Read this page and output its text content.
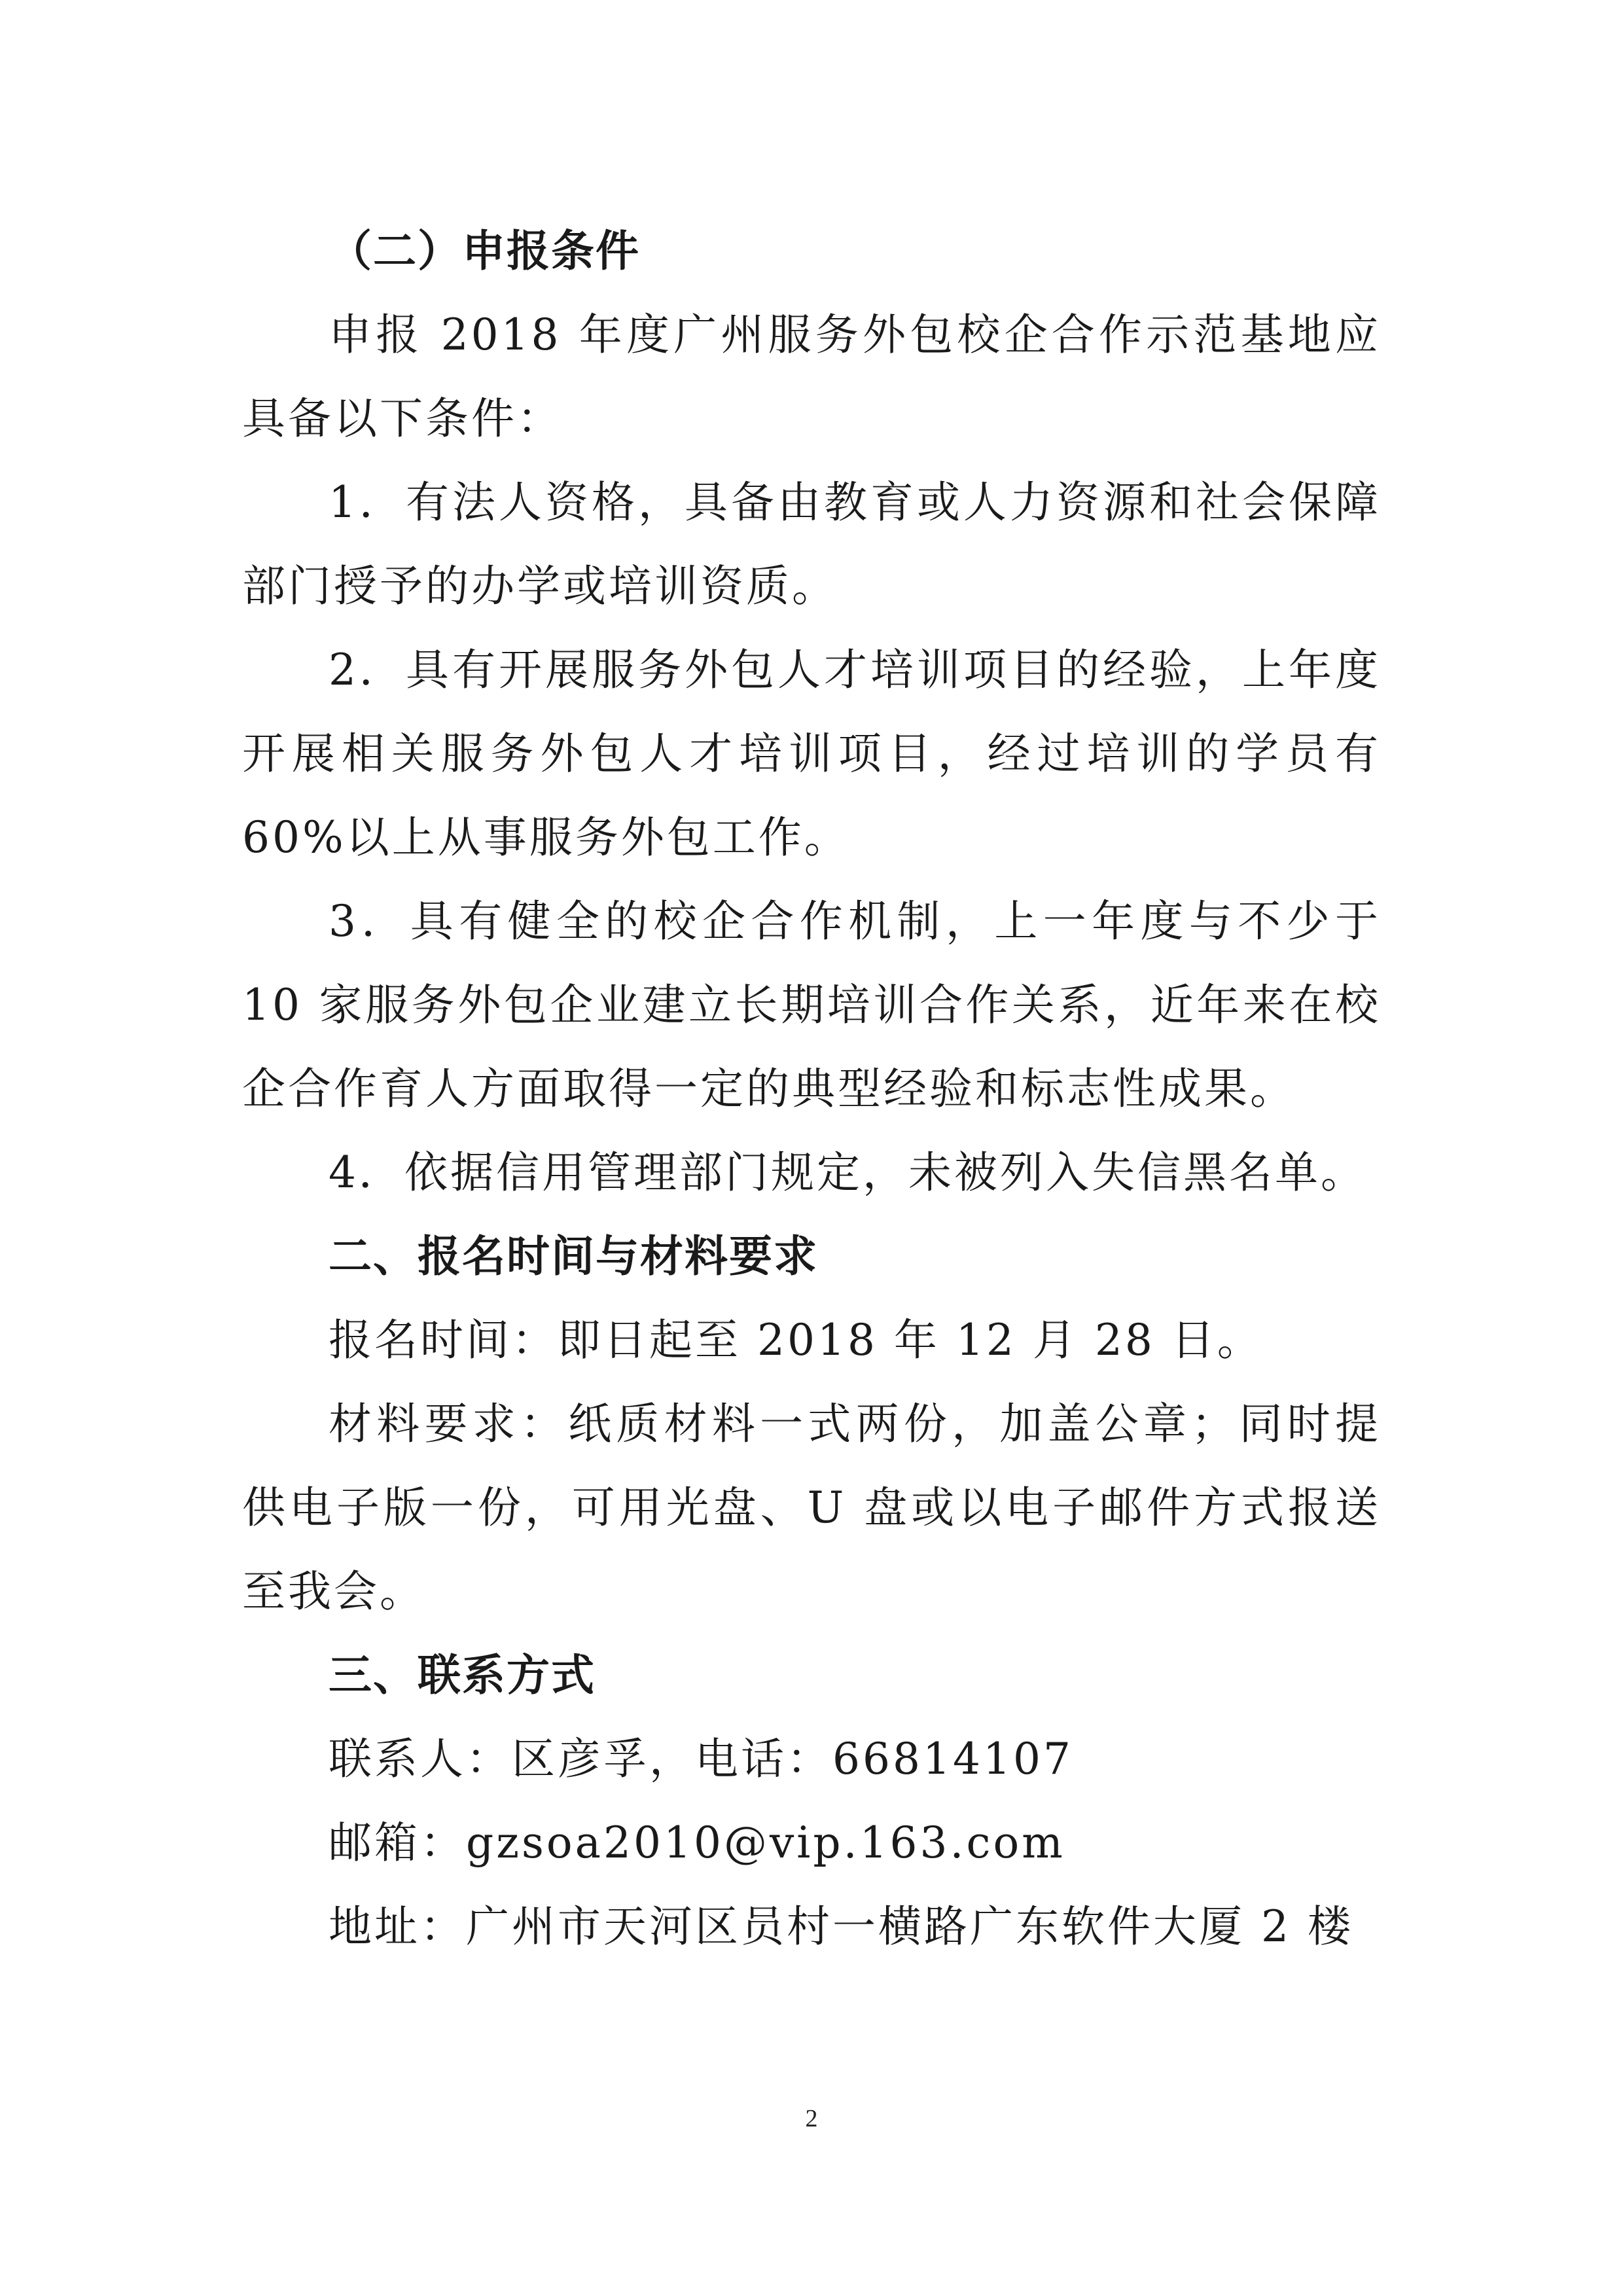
（二）申报条件

申报 2018 年度广州服务外包校企合作示范基地应具备以下条件：

1．有法人资格，具备由教育或人力资源和社会保障部门授予的办学或培训资质。

2．具有开展服务外包人才培训项目的经验，上年度开展相关服务外包人才培训项目，经过培训的学员有 60%以上从事服务外包工作。

3．具有健全的校企合作机制，上一年度与不少于 10 家服务外包企业建立长期培训合作关系，近年来在校企合作育人方面取得一定的典型经验和标志性成果。

4．依据信用管理部门规定，未被列入失信黑名单。

二、报名时间与材料要求

报名时间：即日起至 2018 年 12 月 28 日。

材料要求：纸质材料一式两份，加盖公章；同时提供电子版一份，可用光盘、U 盘或以电子邮件方式报送至我会。

三、联系方式

联系人：区彦孚，电话：66814107

邮箱：gzsoa2010@vip.163.com

地址：广州市天河区员村一横路广东软件大厦 2 楼

2
